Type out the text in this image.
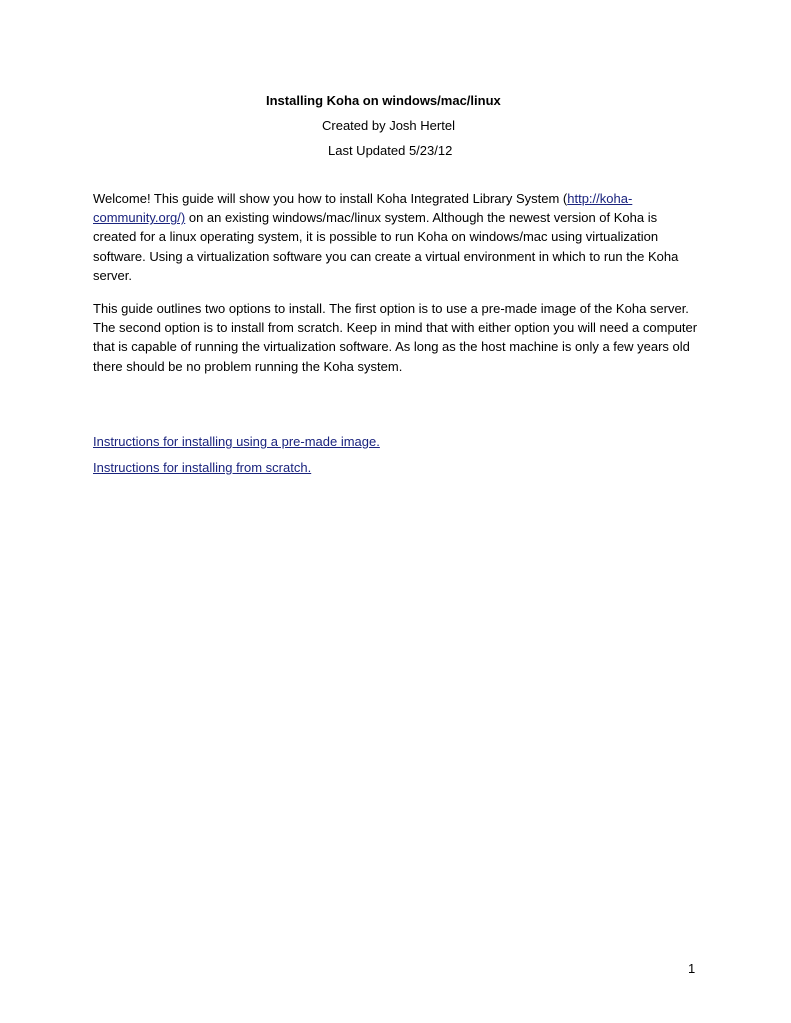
Installing Koha on windows/mac/linux
Created by Josh Hertel
Last Updated 5/23/12

Welcome! This guide will show you how to install Koha Integrated Library System (http://koha-community.org/) on an existing windows/mac/linux system. Although the newest version of Koha is created for a linux operating system, it is possible to run Koha on windows/mac using virtualization software. Using a virtualization software you can create a virtual environment in which to run the Koha server.

This guide outlines two options to install. The first option is to use a pre-made image of the Koha server. The second option is to install from scratch. Keep in mind that with either option you will need a computer that is capable of running the virtualization software. As long as the host machine is only a few years old there should be no problem running the Koha system.

Instructions for installing using a pre-made image.
Instructions for installing from scratch.
1
